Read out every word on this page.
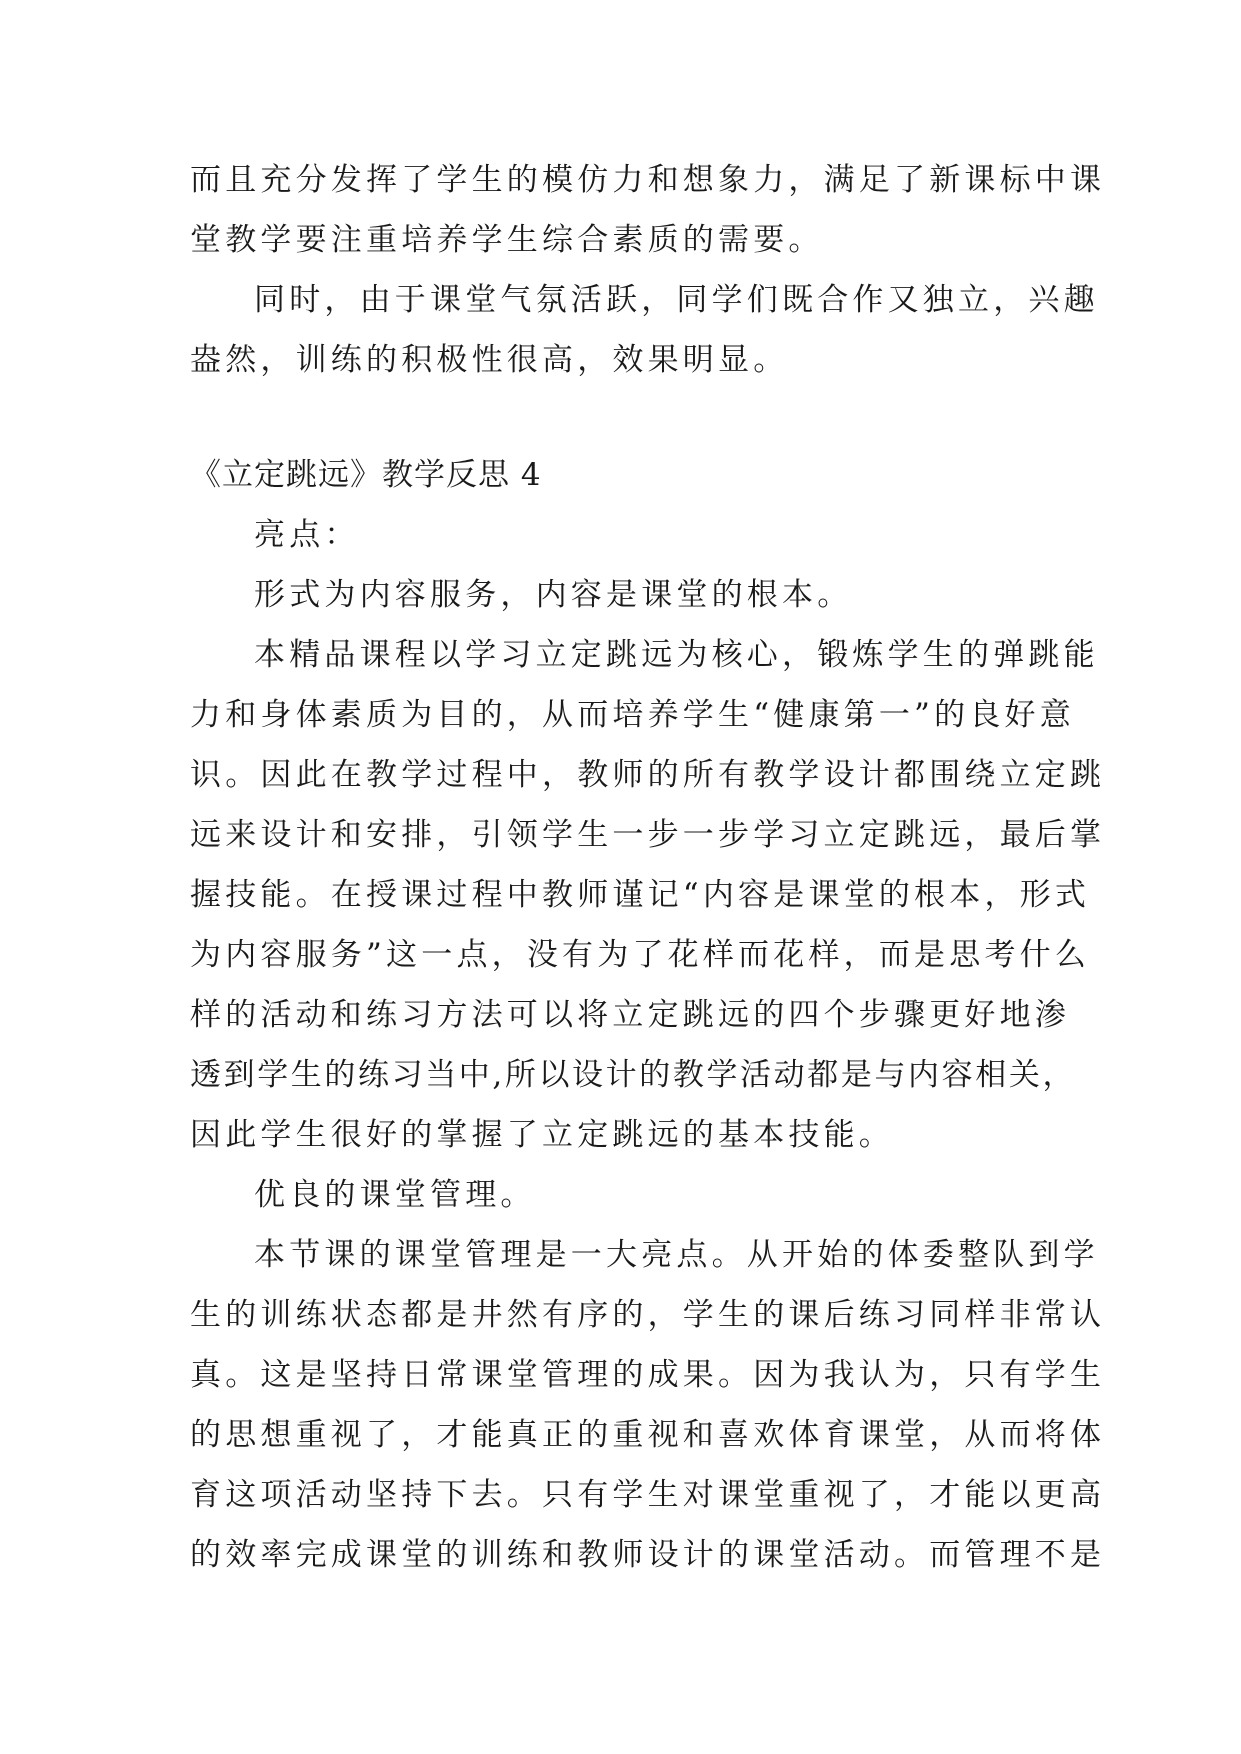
而且充分发挥了学生的模仿力和想象力，满足了新课标中课
堂教学要注重培养学生综合素质的需要。
同时，由于课堂气氛活跃，同学们既合作又独立，兴趣
盎然，训练的积极性很高，效果明显。
《立定跳远》教学反思 4
亮点：
形式为内容服务，内容是课堂的根本。
本精品课程以学习立定跳远为核心，锻炼学生的弹跳能
力和身体素质为目的，从而培养学生“健康第一”的良好意
识。因此在教学过程中，教师的所有教学设计都围绕立定跳
远来设计和安排，引领学生一步一步学习立定跳远，最后掌
握技能。在授课过程中教师谨记“内容是课堂的根本，形式
为内容服务”这一点，没有为了花样而花样，而是思考什么
样的活动和练习方法可以将立定跳远的四个步骤更好地渗
透到学生的练习当中,所以设计的教学活动都是与内容相关，
因此学生很好的掌握了立定跳远的基本技能。
优良的课堂管理。
本节课的课堂管理是一大亮点。从开始的体委整队到学
生的训练状态都是井然有序的，学生的课后练习同样非常认
真。这是坚持日常课堂管理的成果。因为我认为，只有学生
的思想重视了，才能真正的重视和喜欢体育课堂，从而将体
育这项活动坚持下去。只有学生对课堂重视了，才能以更高
的效率完成课堂的训练和教师设计的课堂活动。而管理不是
